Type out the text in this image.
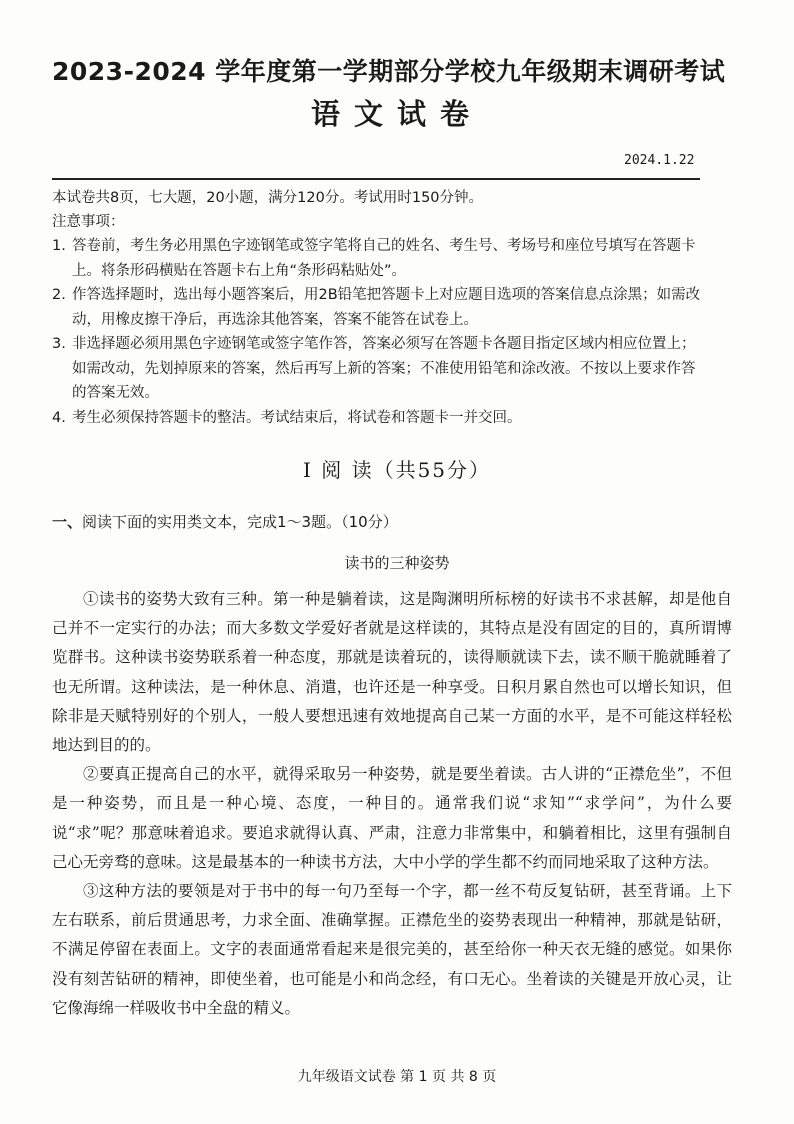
2023-2024 学年度第一学期部分学校九年级期末调研考试
语文试卷
2024.1.22
本试卷共8页，七大题，20小题，满分120分。考试用时150分钟。
注意事项：
1. 答卷前，考生务必用黑色字迹钢笔或签字笔将自己的姓名、考生号、考场号和座位号填写在答题卡上。将条形码横贴在答题卡右上角“条形码粘贴处”。
2. 作答选择题时，选出每小题答案后，用2B铅笔把答题卡上对应题目选项的答案信息点涂黑；如需改动，用橡皮擦干净后，再选涂其他答案，答案不能答在试卷上。
3. 非选择题必须用黑色字迹钢笔或签字笔作答，答案必须写在答题卡各题目指定区域内相应位置上；如需改动，先划掉原来的答案，然后再写上新的答案；不准使用铅笔和涂改液。不按以上要求作答的答案无效。
4. 考生必须保持答题卡的整洁。考试结束后，将试卷和答题卡一并交回。
Ⅰ 阅 读（共55分）
一、阅读下面的实用类文本，完成1～3题。（10分）
读书的三种姿势

①读书的姿势大致有三种。第一种是躺着读，这是陶渊明所标榜的好读书不求甚解，却是他自己并不一定实行的办法；而大多数文学爱好者就是这样读的，其特点是没有固定的目的，真所谓博览群书。这种读书姿势联系着一种态度，那就是读着玩的，读得顺就读下去，读不顺干脆就睡着了也无所谓。这种读法，是一种休息、消遣，也许还是一种享受。日积月累自然也可以增长知识，但除非是天赋特别好的个别人，一般人要想迅速有效地提高自己某一方面的水平，是不可能这样轻松地达到目的的。

②要真正提高自己的水平，就得采取另一种姿势，就是要坐着读。古人讲的“正襟危坐”，不但是一种姿势，而且是一种心境、态度，一种目的。通常我们说“求知”“求学问”，为什么要说“求”呢？那意味着追求。要追求就得认真、严肃，注意力非常集中，和躺着相比，这里有强制自己心无旁骛的意味。这是最基本的一种读书方法，大中小学的学生都不约而同地采取了这种方法。

③这种方法的要领是对于书中的每一句乃至每一个字，都一丝不苟反复钻研，甚至背诵。上下左右联系，前后贯通思考，力求全面、准确掌握。正襟危坐的姿势表现出一种精神，那就是钻研，不满足停留在表面上。文字的表面通常看起来是很完美的，甚至给你一种天衣无缝的感觉。如果你没有刻苦钻研的精神，即使坐着，也可能是小和尚念经，有口无心。坐着读的关键是开放心灵，让它像海绵一样吸收书中全盘的精义。

九年级语文试卷 第 1 页 共 8 页
